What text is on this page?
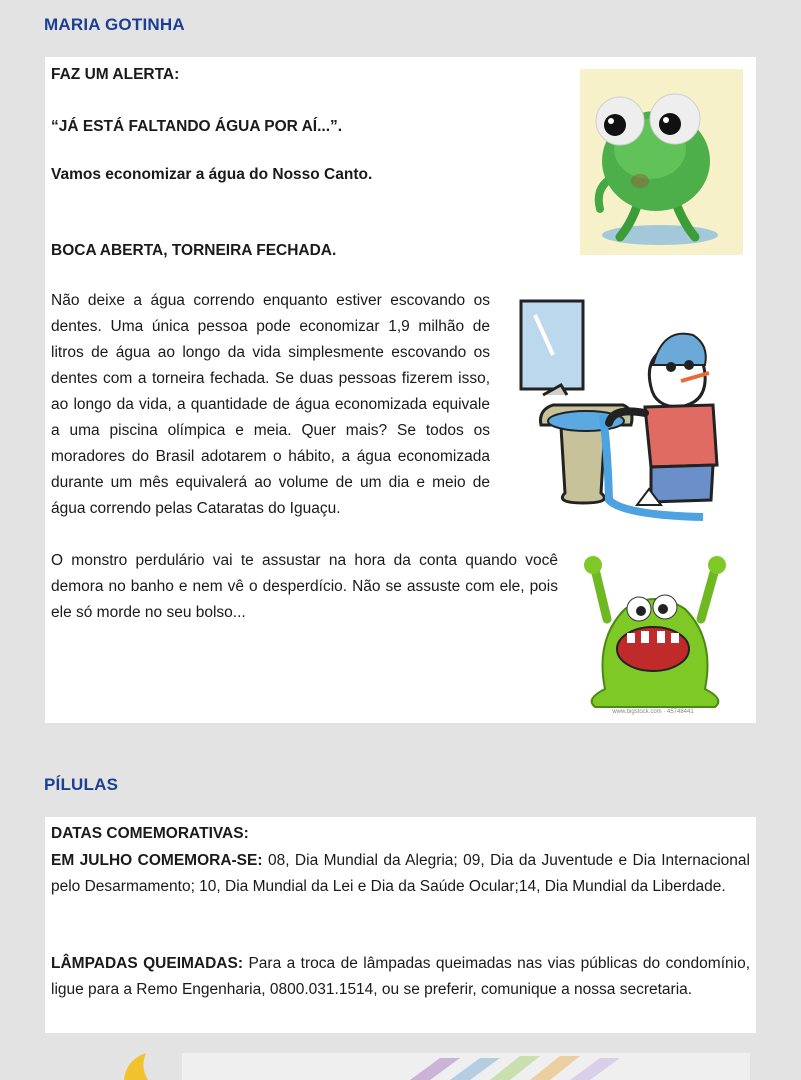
MARIA GOTINHA

FAZ UM ALERTA:

“JÁ ESTÁ FALTANDO ÁGUA POR AÍ...”.

Vamos economizar a água do Nosso Canto.

BOCA ABERTA, TORNEIRA FECHADA.

Não deixe a água correndo enquanto estiver escovando os dentes. Uma única pessoa pode economizar 1,9 milhão de litros de água ao longo da vida simplesmente escovando os dentes com a torneira fechada. Se duas pessoas fizerem isso, ao longo da vida, a quantidade de água economizada equivale a uma piscina olímpica e meia. Quer mais? Se todos os moradores do Brasil adotarem o hábito, a água economizada durante um mês equivalerá ao volume de um dia e meio de água correndo pelas Cataratas do Iguaçu.

O monstro perdulário vai te assustar na hora da conta quando você demora no banho e nem vê o desperdício. Não se assuste com ele, pois ele só morde no seu bolso...

www.bigstock.com · 45748441
PÍLULAS

DATAS COMEMORATIVAS:

EM JULHO COMEMORA-SE: 08, Dia Mundial da Alegria; 09, Dia da Juventude e Dia Internacional pelo Desarmamento; 10, Dia Mundial da Lei e Dia da Saúde Ocular;14, Dia Mundial da Liberdade.

LÂMPADAS QUEIMADAS: Para a troca de lâmpadas queimadas nas vias públicas do condomínio, ligue para a Remo Engenharia, 0800.031.1514, ou se preferir, comunique a nossa secretaria.
